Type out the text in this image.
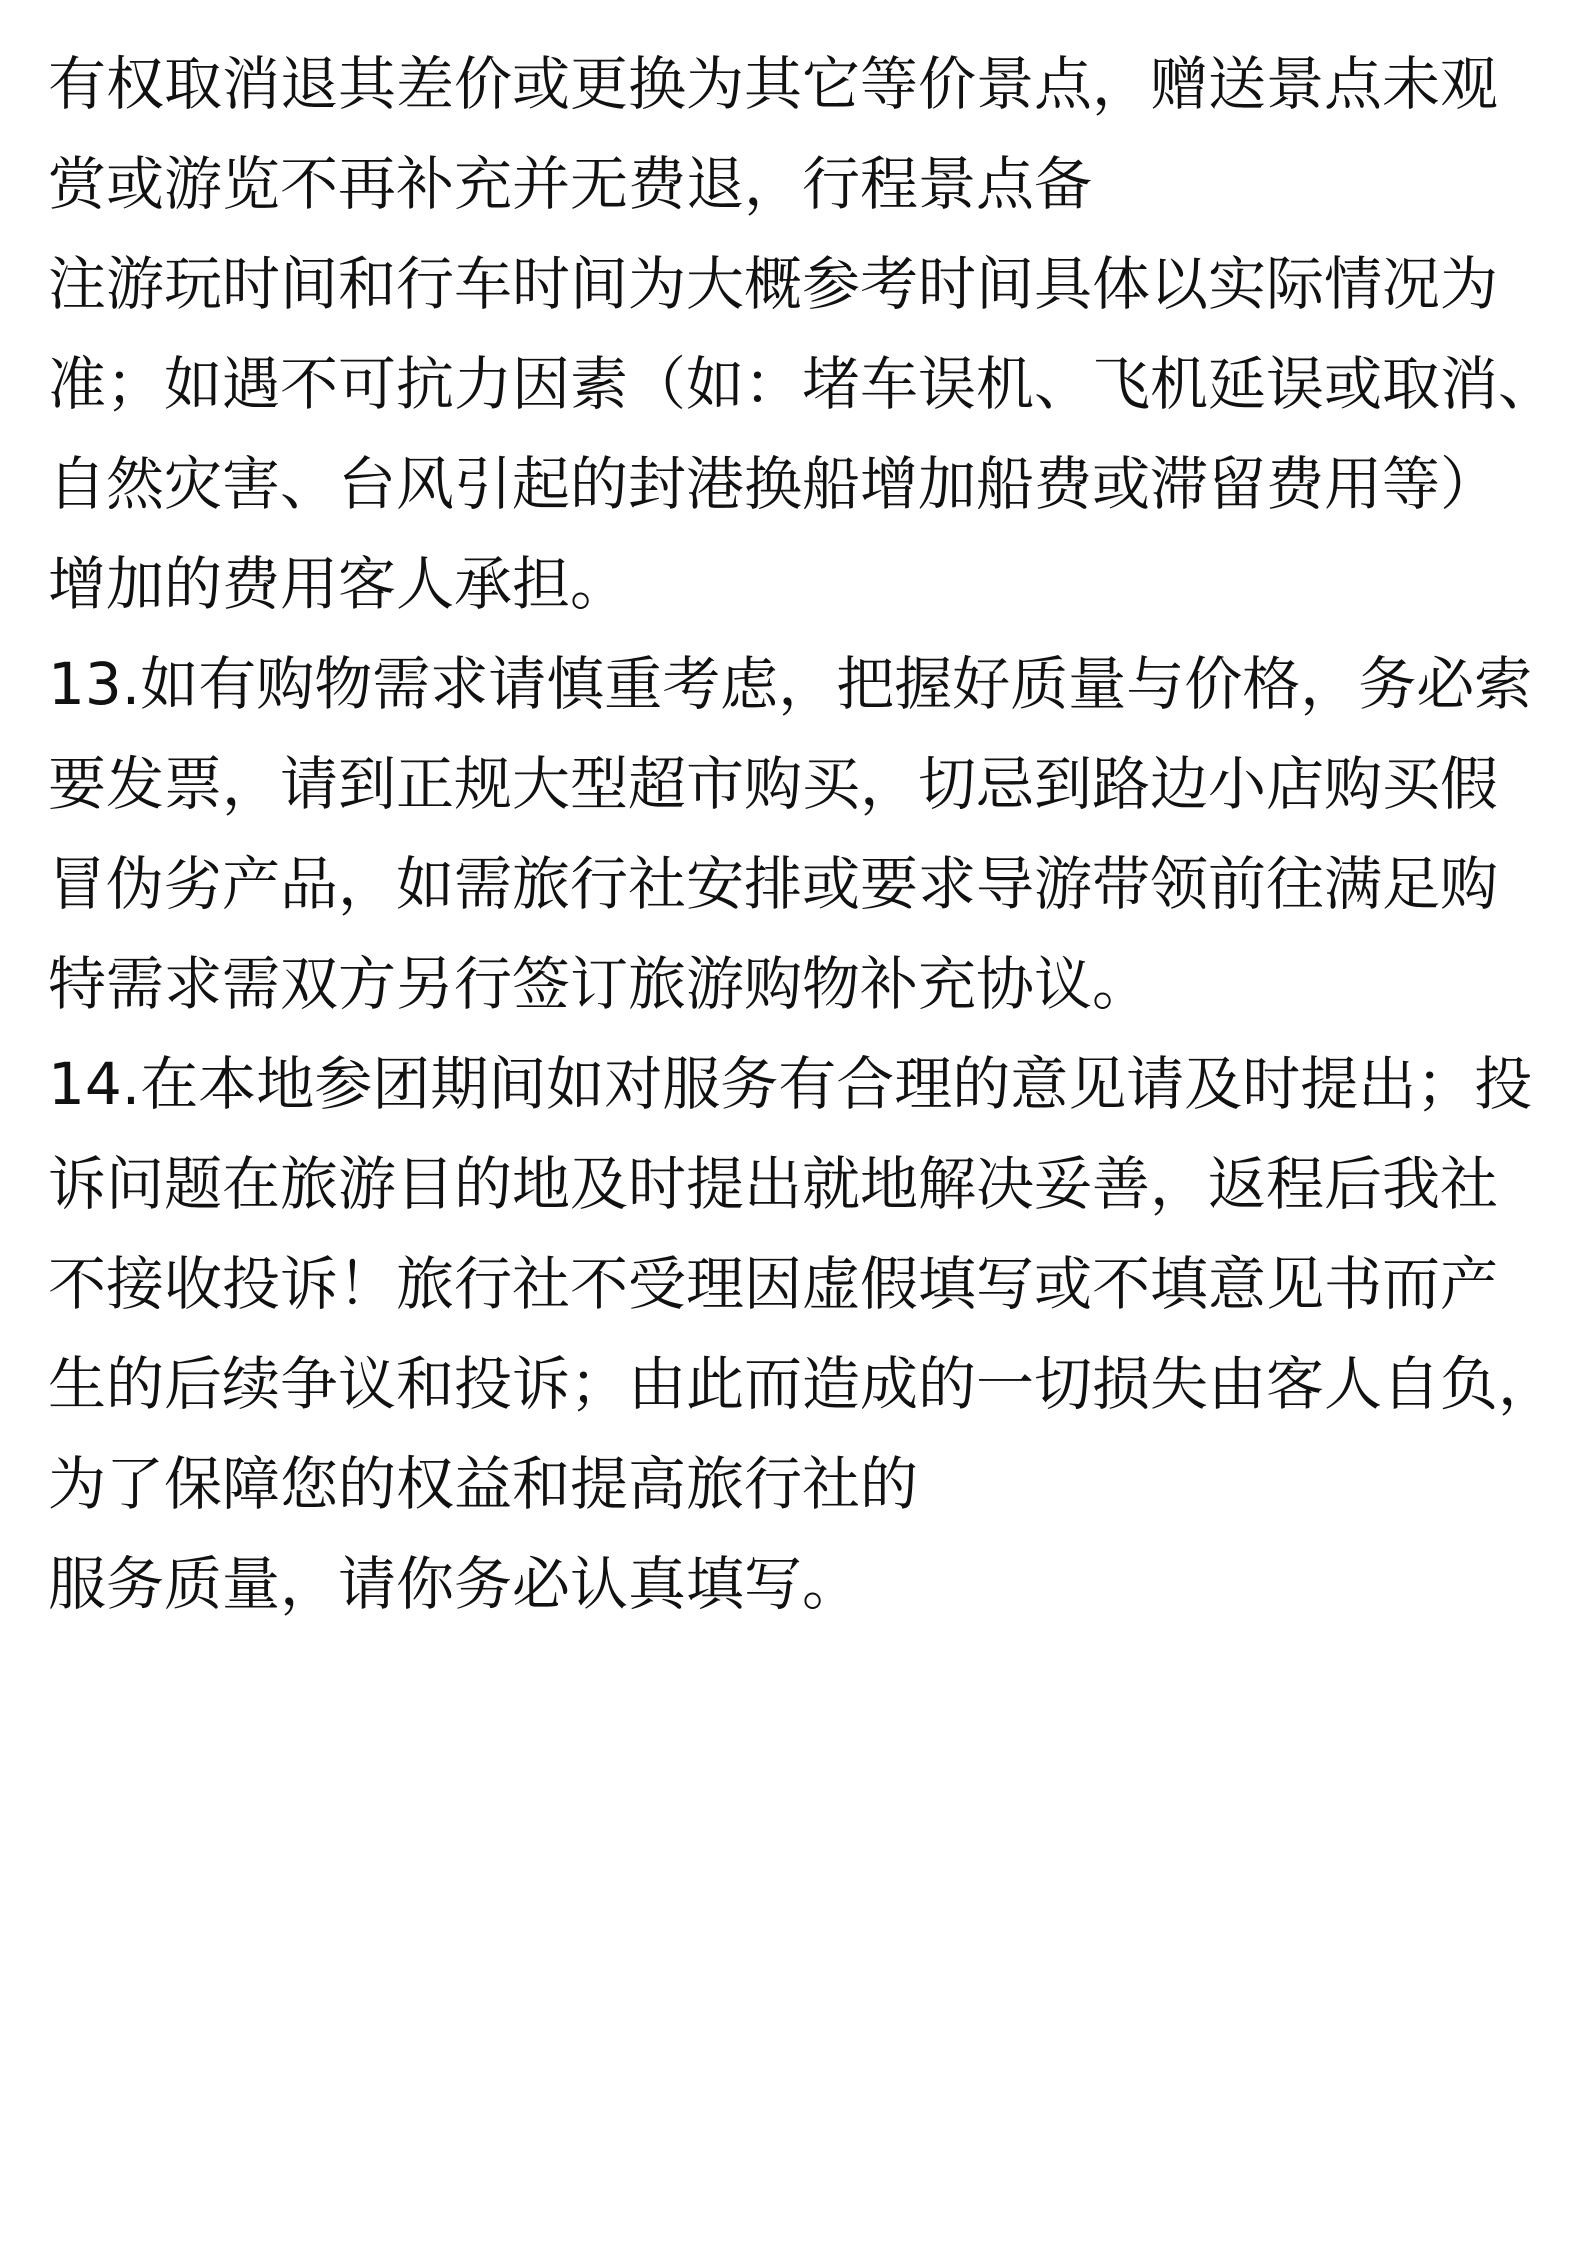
有权取消退其差价或更换为其它等价景点，赠送景点未观
赏或游览不再补充并无费退，行程景点备
注游玩时间和行车时间为大概参考时间具体以实际情况为
准；如遇不可抗力因素（如：堵车误机、飞机延误或取消、
自然灾害、台风引起的封港换船增加船费或滞留费用等）
增加的费用客人承担。
13.如有购物需求请慎重考虑，把握好质量与价格，务必索
要发票，请到正规大型超市购买，切忌到路边小店购买假
冒伪劣产品，如需旅行社安排或要求导游带领前往满足购
特需求需双方另行签订旅游购物补充协议。
14.在本地参团期间如对服务有合理的意见请及时提出；投
诉问题在旅游目的地及时提出就地解决妥善，返程后我社
不接收投诉！旅行社不受理因虚假填写或不填意见书而产
生的后续争议和投诉；由此而造成的一切损失由客人自负，
为了保障您的权益和提高旅行社的
服务质量，请你务必认真填写。
